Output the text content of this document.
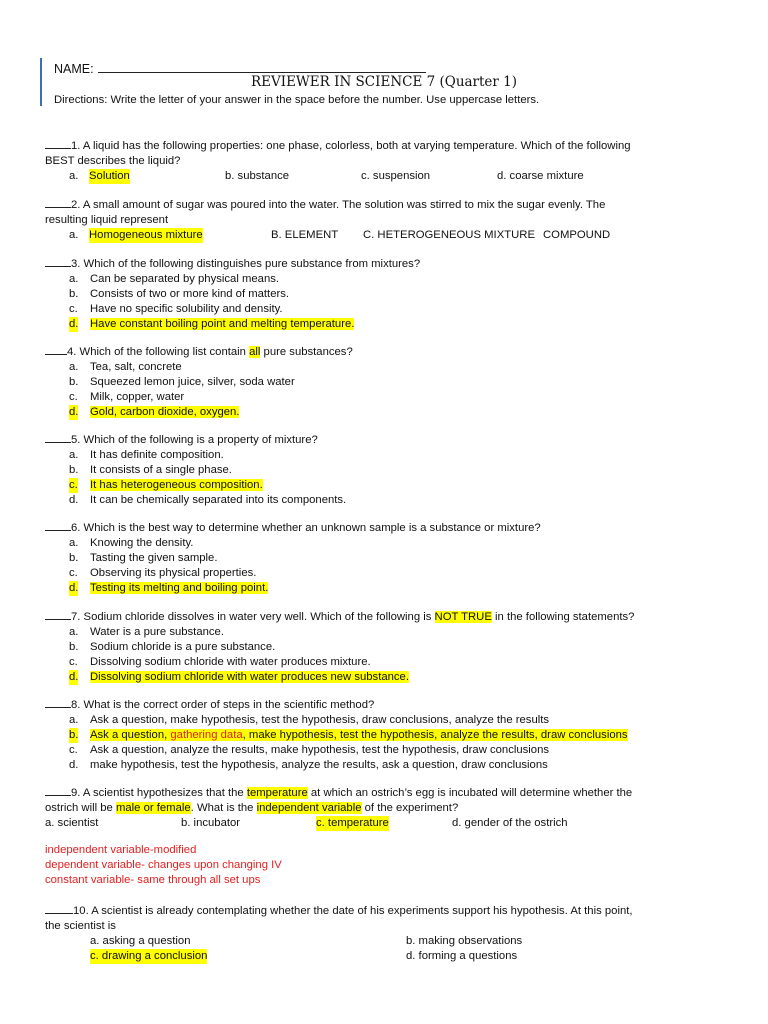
NAME:
REVIEWER IN SCIENCE 7 (Quarter 1)
Directions: Write the letter of your answer in the space before the number. Use uppercase letters.

1. A liquid has the following properties: one phase, colorless, both at varying temperature. Which of the following

BEST describes the liquid?

a. Solution	b. substance	c. suspension	d. coarse mixture

2. A small amount of sugar was poured into the water. The solution was stirred to mix the sugar evenly. The

resulting liquid represent

a. Homogeneous mixture	B. ELEMENT C. HETEROGENEOUS MIXTURE COMPOUND

3. Which of the following distinguishes pure substance from mixtures?

a. Can be separated by physical means.
b. Consists of two or more kind of matters.
c. Have no specific solubility and density.
d. Have constant boiling point and melting temperature.

4. Which of the following list contain all pure substances?

a. Tea, salt, concrete
b. Squeezed lemon juice, silver, soda water
c. Milk, copper, water
d. Gold, carbon dioxide, oxygen.

5. Which of the following is a property of mixture?

a. It has definite composition.
b. It consists of a single phase.
c. It has heterogeneous composition.
d. It can be chemically separated into its components.

6. Which is the best way to determine whether an unknown sample is a substance or mixture?

a. Knowing the density.
b. Tasting the given sample.
c. Observing its physical properties.
d. Testing its melting and boiling point.

7. Sodium chloride dissolves in water very well. Which of the following is NOT TRUE in the following statements?

a. Water is a pure substance.
b. Sodium chloride is a pure substance.
c. Dissolving sodium chloride with water produces mixture.
d. Dissolving sodium chloride with water produces new substance.

8. What is the correct order of steps in the scientific method?

a. Ask a question, make hypothesis, test the hypothesis, draw conclusions, analyze the results
b. Ask a question, gathering data, make hypothesis, test the hypothesis, analyze the results, draw conclusions
c. Ask a question, analyze the results, make hypothesis, test the hypothesis, draw conclusions
d. make hypothesis, test the hypothesis, analyze the results, ask a question, draw conclusions

9. A scientist hypothesizes that the temperature at which an ostrich’s egg is incubated will determine whether the

ostrich will be male or female. What is the independent variable of the experiment?

a. scientist	b. incubator	c. temperature	d. gender of the ostrich
independent variable-modified
dependent variable- changes upon changing IV
constant variable- same through all set ups

10. A scientist is already contemplating whether the date of his experiments support his hypothesis. At this point,

the scientist is

a. asking a question	b. making observations
c. drawing a conclusion	d. forming a questions
